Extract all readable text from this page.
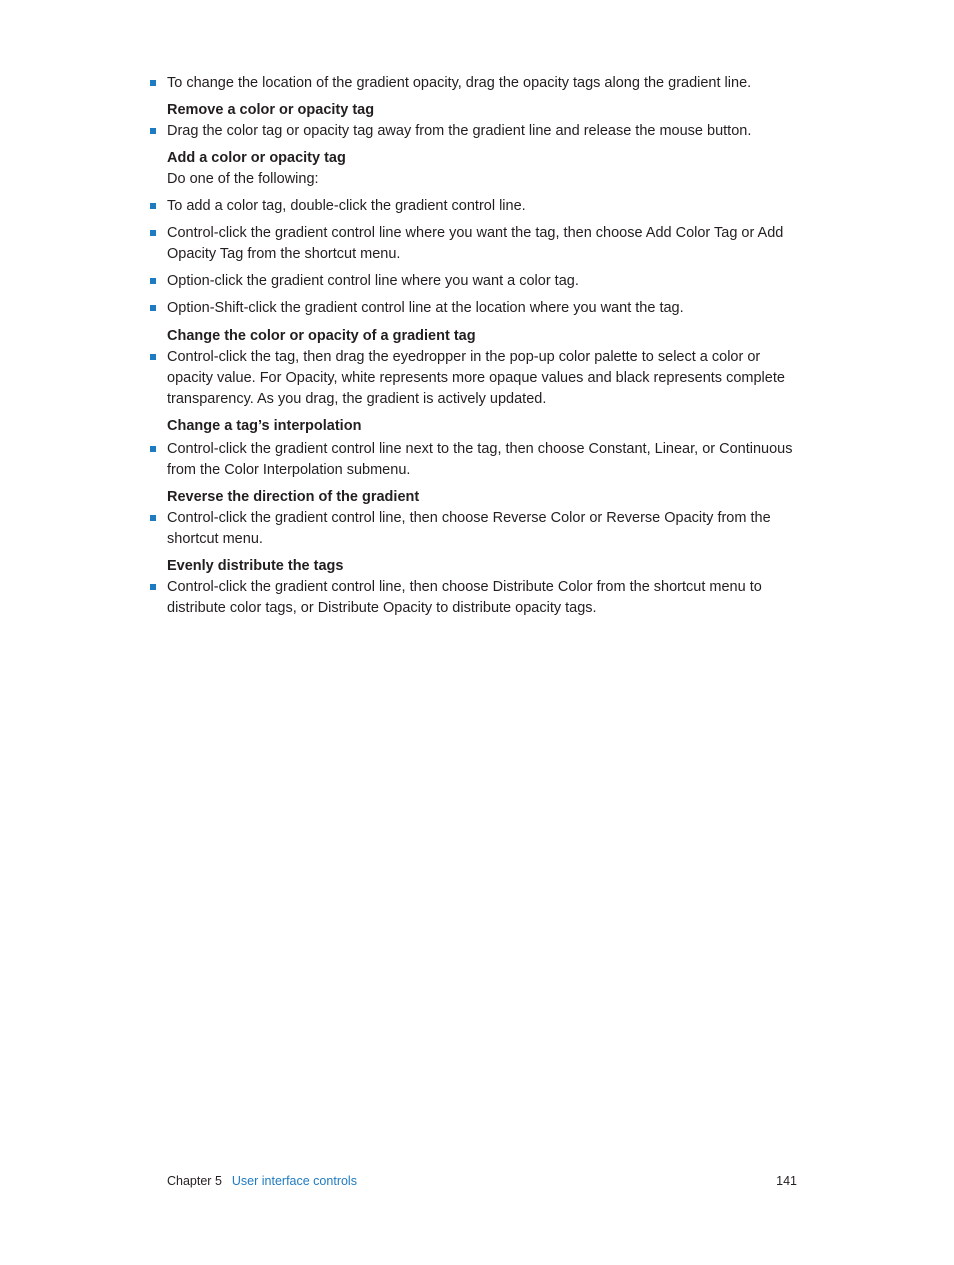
To change the location of the gradient opacity, drag the opacity tags along the gradient line.

Remove a color or opacity tag

Drag the color tag or opacity tag away from the gradient line and release the mouse button.

Add a color or opacity tag

Do one of the following:

To add a color tag, double-click the gradient control line.
Control-click the gradient control line where you want the tag, then choose Add Color Tag or Add Opacity Tag from the shortcut menu.
Option-click the gradient control line where you want a color tag.
Option-Shift-click the gradient control line at the location where you want the tag.

Change the color or opacity of a gradient tag

Control-click the tag, then drag the eyedropper in the pop-up color palette to select a color or opacity value. For Opacity, white represents more opaque values and black represents complete transparency. As you drag, the gradient is actively updated.

Change a tag’s interpolation

Control-click the gradient control line next to the tag, then choose Constant, Linear, or Continuous from the Color Interpolation submenu.

Reverse the direction of the gradient

Control-click the gradient control line, then choose Reverse Color or Reverse Opacity from the shortcut menu.

Evenly distribute the tags

Control-click the gradient control line, then choose Distribute Color from the shortcut menu to distribute color tags, or Distribute Opacity to distribute opacity tags.
Chapter 5 User interface controls	141
